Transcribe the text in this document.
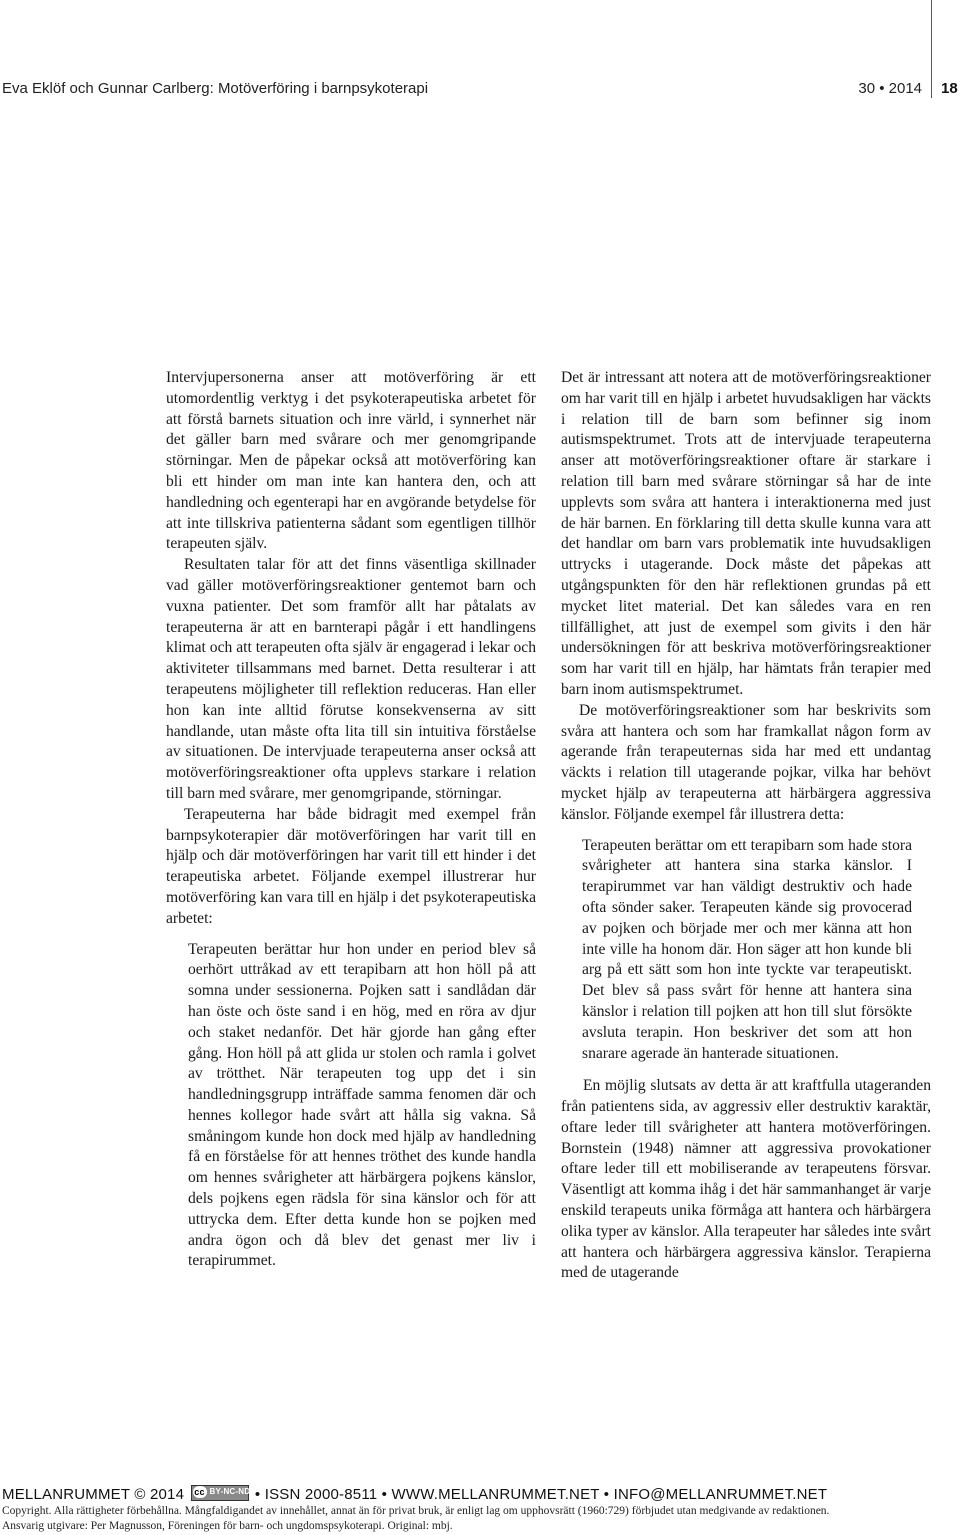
Eva Eklöf och Gunnar Carlberg: Motöverföring i barnpsykoterapi	30 • 2014 18

Intervjupersonerna anser att motöverföring är ett utomordentlig verktyg i det psykoterapeutiska arbetet för att förstå barnets situation och inre värld, i synnerhet när det gäller barn med svårare och mer genomgripande störningar. Men de påpekar också att motöverföring kan bli ett hinder om man inte kan hantera den, och att handledning och egenterapi har en avgörande betydelse för att inte tillskriva patienterna sådant som egentligen tillhör terapeuten själv.

Resultaten talar för att det finns väsentliga skillnader vad gäller motöverföringsreaktioner gentemot barn och vuxna patienter. Det som framför allt har påtalats av terapeuterna är att en barnterapi pågår i ett handlingens klimat och att terapeuten ofta själv är engagerad i lekar och aktiviteter tillsammans med barnet. Detta resulterar i att terapeutens möjligheter till reflektion reduceras. Han eller hon kan inte alltid förutse konsekvenserna av sitt handlande, utan måste ofta lita till sin intuitiva förståelse av situationen. De intervjuade terapeuterna anser också att motöverföringsreaktioner ofta upplevs starkare i relation till barn med svårare, mer genomgripande, störningar.

Terapeuterna har både bidragit med exempel från barnpsykoterapier där motöverföringen har varit till en hjälp och där motöverföringen har varit till ett hinder i det terapeutiska arbetet. Följande exempel illustrerar hur motöverföring kan vara till en hjälp i det psykoterapeutiska arbetet:

Terapeuten berättar hur hon under en period blev så oerhört uttråkad av ett terapibarn att hon höll på att somna under sessionerna. Pojken satt i sandlådan där han öste och öste sand i en hög, med en röra av djur och staket nedanför. Det här gjorde han gång efter gång. Hon höll på att glida ur stolen och ramla i golvet av trötthet. När terapeuten tog upp det i sin handledningsgrupp inträffade samma fenomen där och hennes kollegor hade svårt att hålla sig vakna. Så småningom kunde hon dock med hjälp av handledning få en förståelse för att hennes tröthet des kunde handla om hennes svårigheter att härbärgera pojkens känslor, dels pojkens egen rädsla för sina känslor och för att uttrycka dem. Efter detta kunde hon se pojken med andra ögon och då blev det genast mer liv i terapirummet.

Det är intressant att notera att de motöverföringsreaktioner om har varit till en hjälp i arbetet huvudsakligen har väckts i relation till de barn som befinner sig inom autismspektrumet. Trots att de intervjuade terapeuterna anser att motöverföringsreaktioner oftare är starkare i relation till barn med svårare störningar så har de inte upplevts som svåra att hantera i interaktionerna med just de här barnen. En förklaring till detta skulle kunna vara att det handlar om barn vars problematik inte huvudsakligen uttrycks i utagerande. Dock måste det påpekas att utgångspunkten för den här reflektionen grundas på ett mycket litet material. Det kan således vara en ren tillfällighet, att just de exempel som givits i den här undersökningen för att beskriva motöverföringsreaktioner som har varit till en hjälp, har hämtats från terapier med barn inom autismspektrumet.

De motöverföringsreaktioner som har beskrivits som svåra att hantera och som har framkallat någon form av agerande från terapeuternas sida har med ett undantag väckts i relation till utagerande pojkar, vilka har behövt mycket hjälp av terapeuterna att härbärgera aggressiva känslor. Följande exempel får illustrera detta:

Terapeuten berättar om ett terapibarn som hade stora svårigheter att hantera sina starka känslor. I terapirummet var han väldigt destruktiv och hade ofta sönder saker. Terapeuten kände sig provocerad av pojken och började mer och mer känna att hon inte ville ha honom där. Hon säger att hon kunde bli arg på ett sätt som hon inte tyckte var terapeutiskt. Det blev så pass svårt för henne att hantera sina känslor i relation till pojken att hon till slut försökte avsluta terapin. Hon beskriver det som att hon snarare agerade än hanterade situationen.

En möjlig slutsats av detta är att kraftfulla utageranden från patientens sida, av aggressiv eller destruktiv karaktär, oftare leder till svårigheter att hantera motöverföringen. Bornstein (1948) nämner att aggressiva provokationer oftare leder till ett mobiliserande av terapeutens försvar. Väsentligt att komma ihåg i det här sammanhanget är varje enskild terapeuts unika förmåga att hantera och härbärgera olika typer av känslor. Alla terapeuter har således inte svårt att hantera och härbärgera aggressiva känslor. Terapierna med de utagerande

MELLANRUMMET © 2014
cc	BY-NC-ND • ISSN 2000-8511 • WWW.MELLANRUMMET.NET • INFO@MELLANRUMMET.NET
Copyright. Alla rättigheter förbehållna. Mångfaldigandet av innehållet, annat än för privat bruk, är enligt lag om upphovsrätt (1960:729) förbjudet utan medgivande av redaktionen.
Ansvarig utgivare: Per Magnusson, Föreningen för barn- och ungdomspsykoterapi. Original: mbj.
